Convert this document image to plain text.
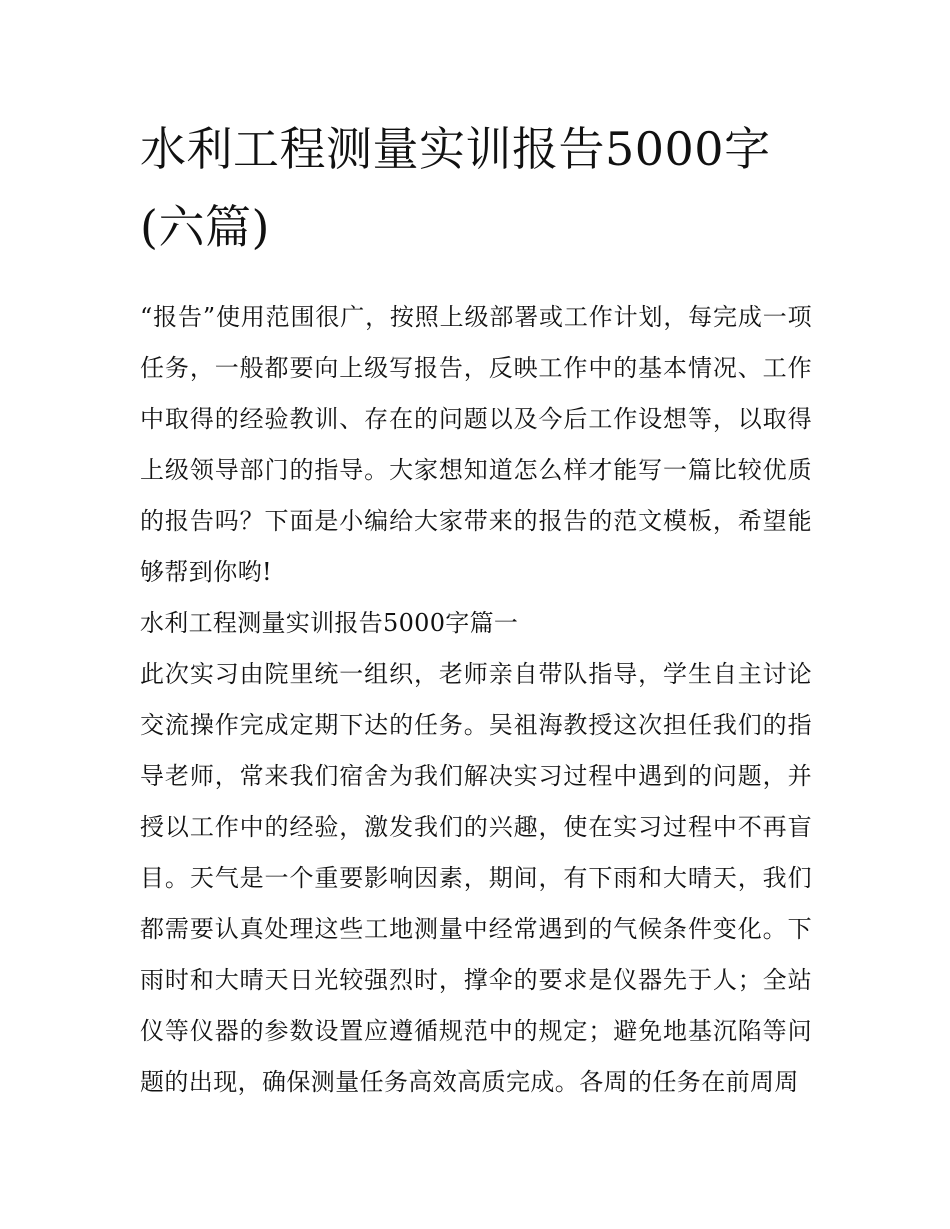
水利工程测量实训报告5000字(六篇)

“报告”使用范围很广，按照上级部署或工作计划，每完成一项任务，一般都要向上级写报告，反映工作中的基本情况、工作中取得的经验教训、存在的问题以及今后工作设想等，以取得上级领导部门的指导。大家想知道怎么样才能写一篇比较优质的报告吗？下面是小编给大家带来的报告的范文模板，希望能够帮到你哟!

水利工程测量实训报告5000字篇一

此次实习由院里统一组织，老师亲自带队指导，学生自主讨论交流操作完成定期下达的任务。吴祖海教授这次担任我们的指导老师，常来我们宿舍为我们解决实习过程中遇到的问题，并授以工作中的经验，激发我们的兴趣，使在实习过程中不再盲目。天气是一个重要影响因素，期间，有下雨和大晴天，我们都需要认真处理这些工地测量中经常遇到的气候条件变化。下雨时和大晴天日光较强烈时，撑伞的要求是仪器先于人；全站仪等仪器的参数设置应遵循规范中的规定；避免地基沉陷等问题的出现，确保测量任务高效高质完成。各周的任务在前周周
